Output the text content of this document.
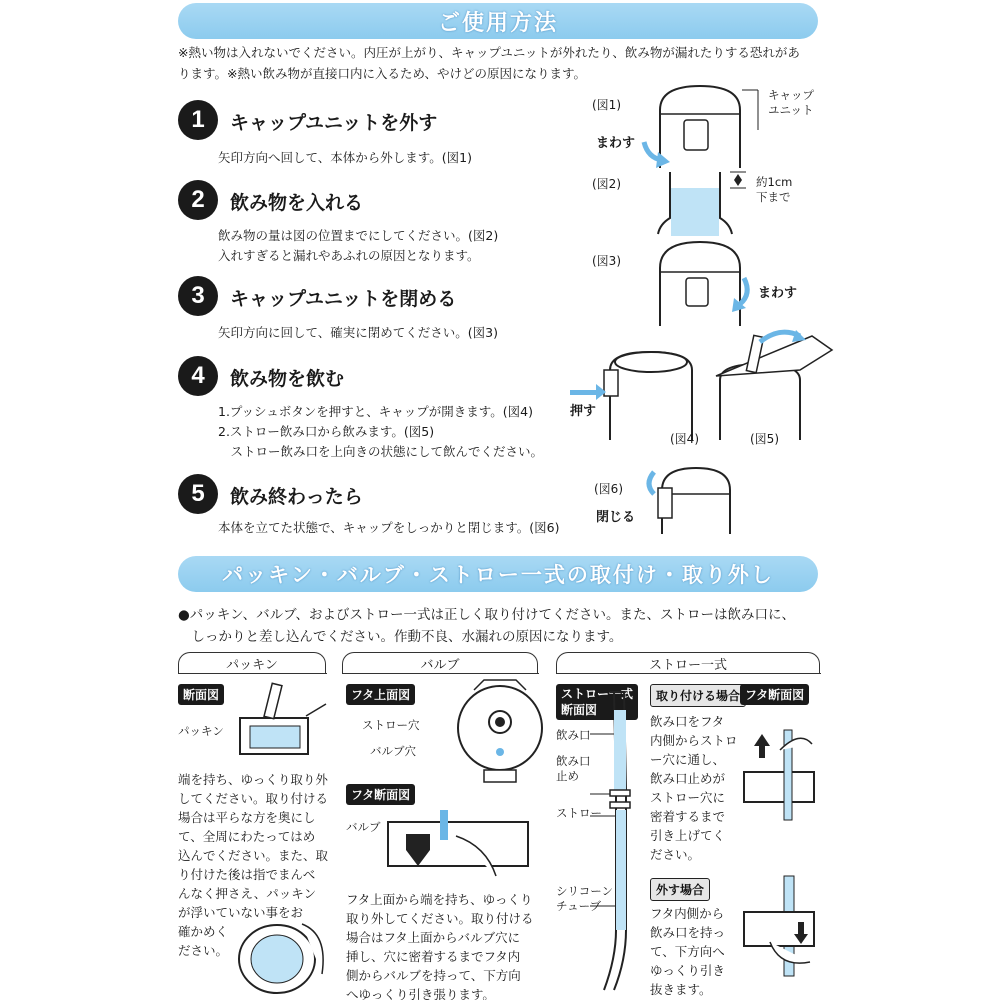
ご使用方法
※熱い物は入れないでください。内圧が上がり、キャップユニットが外れたり、飲み物が漏れたりする恐れがあ
ります。※熱い飲み物が直接口内に入るため、やけどの原因になります。
1	キャップユニットを外す
矢印方向へ回して、本体から外します。(図1)
2	飲み物を入れる
飲み物の量は図の位置までにしてください。(図2)
入れすぎると漏れやあふれの原因となります。
3	キャップユニットを閉める
矢印方向に回して、確実に閉めてください。(図3)
4	飲み物を飲む
1.プッシュボタンを押すと、キャップが開きます。(図4)
2.ストロー飲み口から飲みます。(図5)
　ストロー飲み口を上向きの状態にして飲んでください。
5	飲み終わったら
本体を立てた状態で、キャップをしっかりと閉じます。(図6)
(図1)
キャップ
ユニット
まわす
(図2)	約1cm
下まで
(図3)
まわす
押す
(図4)	(図5)
(図6)
閉じる
パッキン・バルブ・ストロー一式の取付け・取り外し
●パッキン、バルブ、およびストロー一式は正しく取り付けてください。また、ストローは飲み口に、
　しっかりと差し込んでください。作動不良、水漏れの原因になります。
パッキン	バルブ	ストロー一式
断面図
パッキン
端を持ち、ゆっくり取り外
してください。取り付ける
場合は平らな方を奥にし
て、全周にわたってはめ
込んでください。また、取
り付けた後は指でまんべ
んなく押さえ、パッキン
が浮いていない事をお
確かめく
ださい。
フタ上面図
ストロー穴
バルブ穴
フタ断面図
バルブ
フタ上面から端を持ち、ゆっくり
取り外してください。取り付ける
場合はフタ上面からバルブ穴に
挿し、穴に密着するまでフタ内
側からバルブを持って、下方向
へゆっくり引き張ります。
ストロー一式
断面図
飲み口
飲み口
止め
ストロー
シリコーン
チューブ
取り付ける場合 フタ断面図
飲み口をフタ
内側からストロ
ー穴に通し、
飲み口止めが
ストロー穴に
密着するまで
引き上げてく
ださい。
外す場合
フタ内側から
飲み口を持っ
て、下方向へ
ゆっくり引き
抜きます。
